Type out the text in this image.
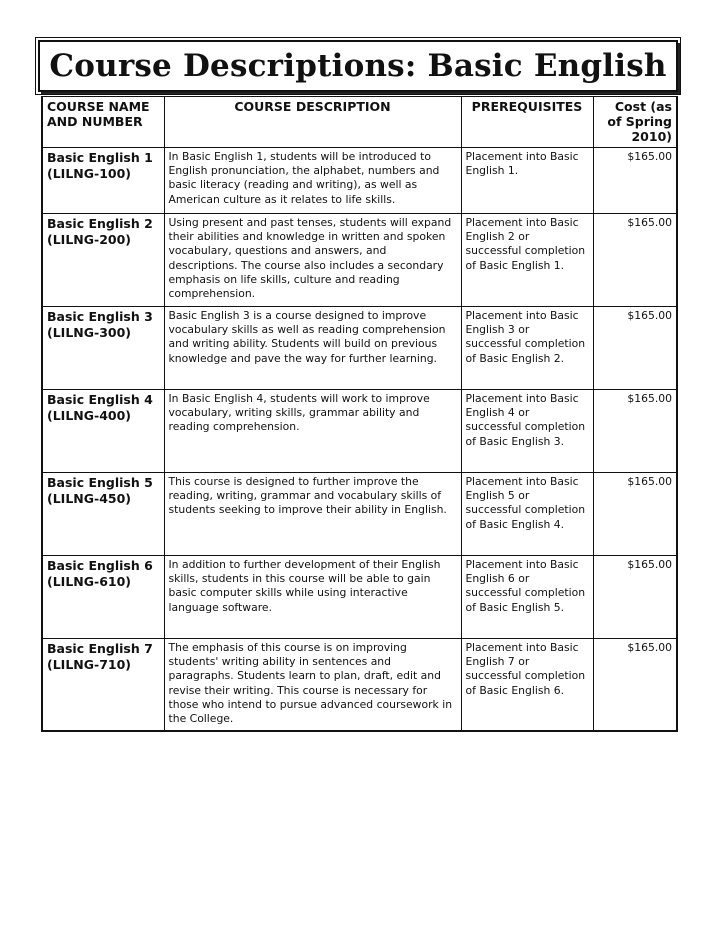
Course Descriptions: Basic English
COURSE NAME
AND NUMBER	COURSE DESCRIPTION	PREREQUISITES	Cost (as
of Spring
2010)
Basic English 1
(LILNG-100)	In Basic English 1, students will be introduced to English pronunciation, the alphabet, numbers and basic literacy (reading and writing), as well as American culture as it relates to life skills.	Placement into Basic English 1.	$165.00
Basic English 2
(LILNG-200)	Using present and past tenses, students will expand their abilities and knowledge in written and spoken vocabulary, questions and answers, and descriptions. The course also includes a secondary emphasis on life skills, culture and reading comprehension.	Placement into Basic English 2 or successful completion of Basic English 1.	$165.00
Basic English 3
(LILNG-300)	Basic English 3 is a course designed to improve vocabulary skills as well as reading comprehension and writing ability. Students will build on previous knowledge and pave the way for further learning.	Placement into Basic English 3 or successful completion of Basic English 2.	$165.00
Basic English 4
(LILNG-400)	In Basic English 4, students will work to improve vocabulary, writing skills, grammar ability and reading comprehension.	Placement into Basic English 4 or successful completion of Basic English 3.	$165.00
Basic English 5
(LILNG-450)	This course is designed to further improve the reading, writing, grammar and vocabulary skills of students seeking to improve their ability in English.	Placement into Basic English 5 or successful completion of Basic English 4.	$165.00
Basic English 6
(LILNG-610)	In addition to further development of their English skills, students in this course will be able to gain basic computer skills while using interactive language software.	Placement into Basic English 6 or successful completion of Basic English 5.	$165.00
Basic English 7
(LILNG-710)	The emphasis of this course is on improving students' writing ability in sentences and paragraphs. Students learn to plan, draft, edit and revise their writing. This course is necessary for those who intend to pursue advanced coursework in the College.	Placement into Basic English 7 or successful completion of Basic English 6.	$165.00
